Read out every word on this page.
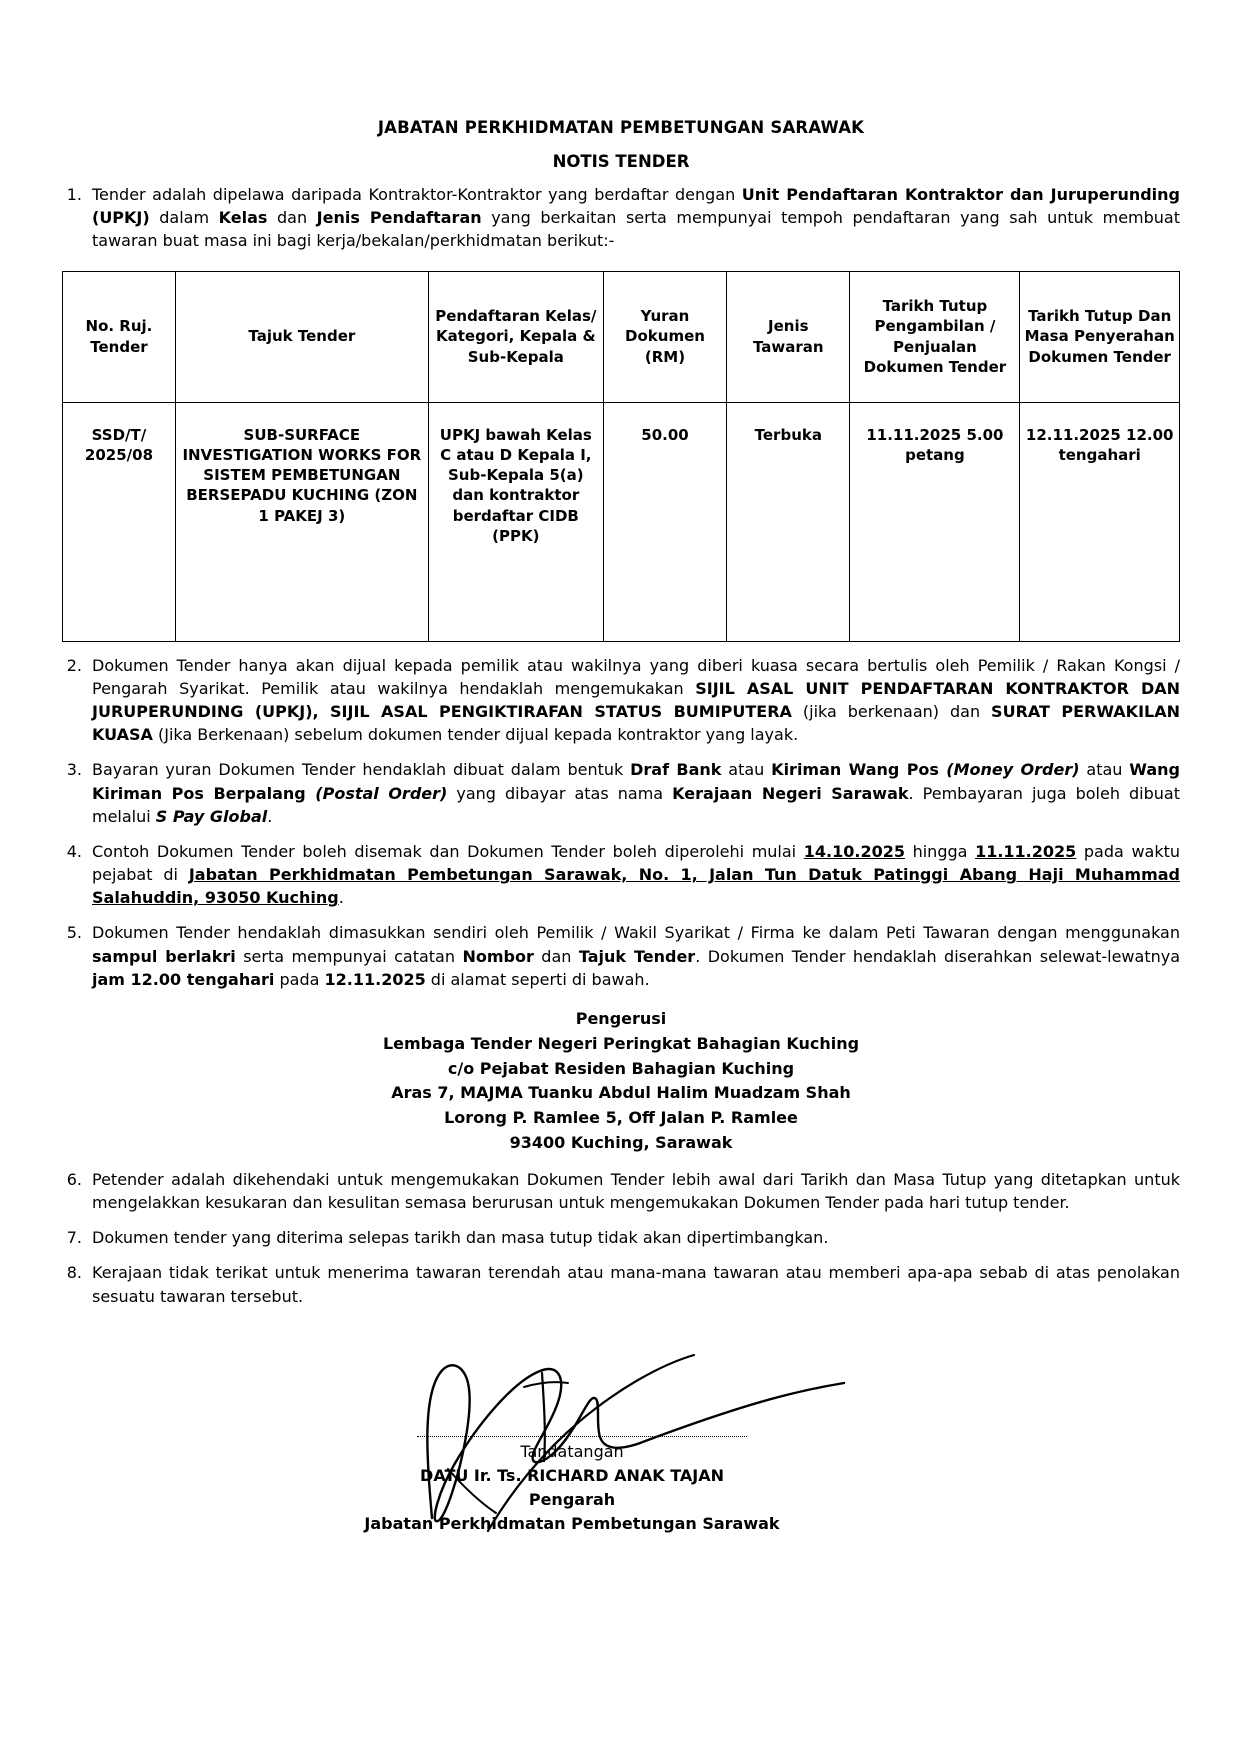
JABATAN PERKHIDMATAN PEMBETUNGAN SARAWAK
NOTIS TENDER
1. Tender adalah dipelawa daripada Kontraktor-Kontraktor yang berdaftar dengan Unit Pendaftaran Kontraktor dan Juruperunding (UPKJ) dalam Kelas dan Jenis Pendaftaran yang berkaitan serta mempunyai tempoh pendaftaran yang sah untuk membuat tawaran buat masa ini bagi kerja/bekalan/perkhidmatan berikut:-
No. Ruj. Tender	Tajuk Tender	Pendaftaran Kelas/ Kategori, Kepala & Sub-Kepala	Yuran Dokumen (RM)	Jenis Tawaran	Tarikh Tutup Pengambilan / Penjualan Dokumen Tender	Tarikh Tutup Dan Masa Penyerahan Dokumen Tender
SSD/T/ 2025/08	SUB-SURFACE INVESTIGATION WORKS FOR SISTEM PEMBETUNGAN BERSEPADU KUCHING (ZON 1 PAKEJ 3)	UPKJ bawah Kelas C atau D Kepala I, Sub-Kepala 5(a) dan kontraktor berdaftar CIDB (PPK)	50.00	Terbuka	11.11.2025 5.00 petang	12.11.2025 12.00 tengahari
2. Dokumen Tender hanya akan dijual kepada pemilik atau wakilnya yang diberi kuasa secara bertulis oleh Pemilik / Rakan Kongsi / Pengarah Syarikat. Pemilik atau wakilnya hendaklah mengemukakan SIJIL ASAL UNIT PENDAFTARAN KONTRAKTOR DAN JURUPERUNDING (UPKJ), SIJIL ASAL PENGIKTIRAFAN STATUS BUMIPUTERA (jika berkenaan) dan SURAT PERWAKILAN KUASA (Jika Berkenaan) sebelum dokumen tender dijual kepada kontraktor yang layak.
3. Bayaran yuran Dokumen Tender hendaklah dibuat dalam bentuk Draf Bank atau Kiriman Wang Pos (Money Order) atau Wang Kiriman Pos Berpalang (Postal Order) yang dibayar atas nama Kerajaan Negeri Sarawak. Pembayaran juga boleh dibuat melalui S Pay Global.
4. Contoh Dokumen Tender boleh disemak dan Dokumen Tender boleh diperolehi mulai 14.10.2025 hingga 11.11.2025 pada waktu pejabat di Jabatan Perkhidmatan Pembetungan Sarawak, No. 1, Jalan Tun Datuk Patinggi Abang Haji Muhammad Salahuddin, 93050 Kuching.
5. Dokumen Tender hendaklah dimasukkan sendiri oleh Pemilik / Wakil Syarikat / Firma ke dalam Peti Tawaran dengan menggunakan sampul berlakri serta mempunyai catatan Nombor dan Tajuk Tender. Dokumen Tender hendaklah diserahkan selewat-lewatnya jam 12.00 tengahari pada 12.11.2025 di alamat seperti di bawah.
Pengerusi
Lembaga Tender Negeri Peringkat Bahagian Kuching
c/o Pejabat Residen Bahagian Kuching
Aras 7, MAJMA Tuanku Abdul Halim Muadzam Shah
Lorong P. Ramlee 5, Off Jalan P. Ramlee
93400 Kuching, Sarawak
6. Petender adalah dikehendaki untuk mengemukakan Dokumen Tender lebih awal dari Tarikh dan Masa Tutup yang ditetapkan untuk mengelakkan kesukaran dan kesulitan semasa berurusan untuk mengemukakan Dokumen Tender pada hari tutup tender.
7. Dokumen tender yang diterima selepas tarikh dan masa tutup tidak akan dipertimbangkan.
8. Kerajaan tidak terikat untuk menerima tawaran terendah atau mana-mana tawaran atau memberi apa-apa sebab di atas penolakan sesuatu tawaran tersebut.
Tandatangan
DATU Ir. Ts. RICHARD ANAK TAJAN
Pengarah
Jabatan Perkhidmatan Pembetungan Sarawak
